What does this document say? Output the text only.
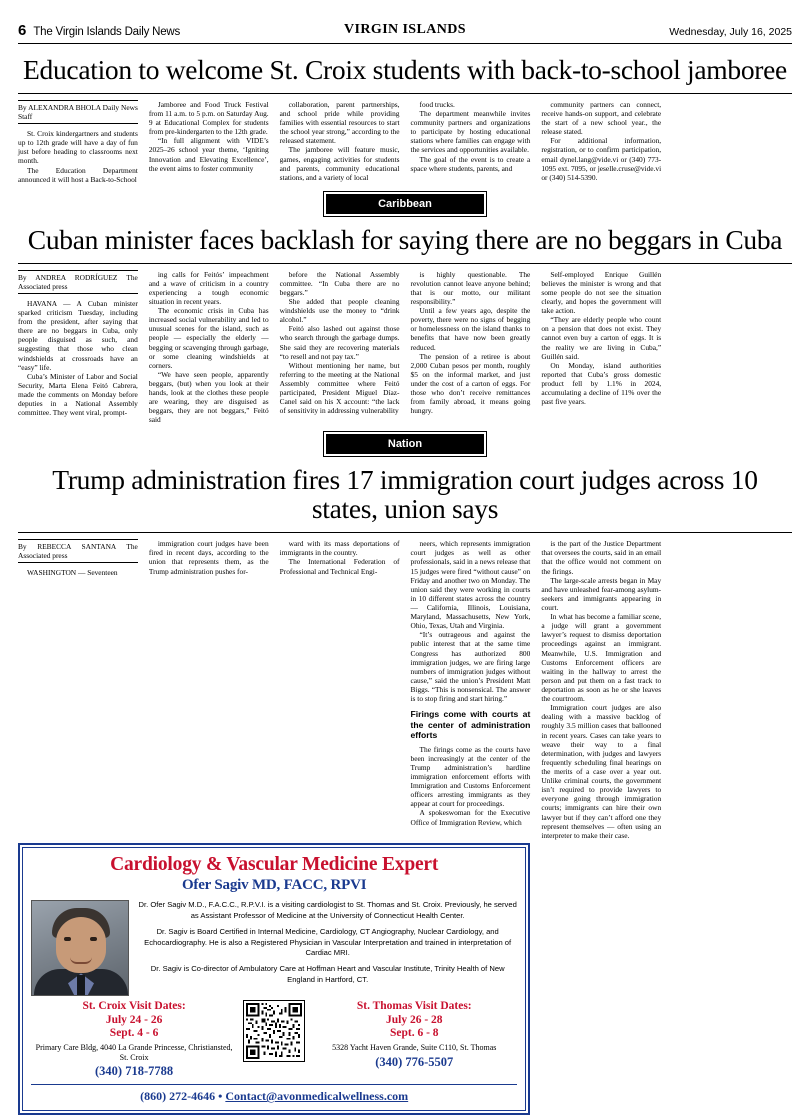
6 The Virgin Islands Daily News	Wednesday, July 16, 2025
VIRGIN ISLANDS
Education to welcome St. Croix students with back-to-school jamboree
By ALEXANDRA BHOLA Daily News Staff

St. Croix kindergartners and students up to 12th grade will have a day of fun just before heading to classrooms next month.

The Education Department announced it will host a Back-to-School

Jamboree and Food Truck Festival from 11 a.m. to 5 p.m. on Saturday Aug. 9 at Educational Complex for students from pre-kindergarten to the 12th grade.

“In full alignment with VIDE’s 2025–26 school year theme, ‘Igniting Innovation and Elevating Excellence’, the event aims to foster community

collaboration, parent partnerships, and school pride while providing families with essential resources to start the school year strong,” according to the released statement.

The jamboree will feature music, games, engaging activities for students and parents, community educational stations, and a variety of local

food trucks.

The department meanwhile invites community partners and organizations to participate by hosting educational stations where families can engage with the services and opportunities available.

The goal of the event is to create a space where students, parents, and

community partners can connect, receive hands-on support, and celebrate the start of a new school year., the release stated.

For additional information, registration, or to confirm participation, email dynel.lang@vide.vi or (340) 773-1095 ext. 7095, or jeselle.cruse@vide.vi or (340) 514-5390.

Caribbean
Cuban minister faces backlash for saying there are no beggars in Cuba
By ANDREA RODRÍGUEZ The Associated press

HAVANA — A Cuban minister sparked criticism Tuesday, including from the president, after saying that there are no beggars in Cuba, only people disguised as such, and suggesting that those who clean windshields at crossroads have an “easy” life.

Cuba’s Minister of Labor and Social Security, Marta Elena Feitó Cabrera, made the comments on Monday before deputies in a National Assembly committee. They went viral, prompt-

ing calls for Feitós’ impeachment and a wave of criticism in a country experiencing a tough economic situation in recent years.

The economic crisis in Cuba has increased social vulnerability and led to unusual scenes for the island, such as people — especially the elderly — begging or scavenging through garbage, or some cleaning windshields at corners.

“We have seen people, apparently beggars, (but) when you look at their hands, look at the clothes these people are wearing, they are disguised as beggars, they are not beggars,” Feitó said

before the National Assembly committee. “In Cuba there are no beggars.”

She added that people cleaning windshields use the money to “drink alcohol.”

Feitó also lashed out against those who search through the garbage dumps. She said they are recovering materials “to resell and not pay tax.”

Without mentioning her name, but referring to the meeting at the National Assembly committee where Feitó participated, President Miguel Díaz-Canel said on his X account: “the lack of sensitivity in addressing vulnerability

is highly questionable. The revolution cannot leave anyone behind; that is our motto, our militant responsibility.”

Until a few years ago, despite the poverty, there were no signs of begging or homelessness on the island thanks to benefits that have now been greatly reduced.

The pension of a retiree is about 2,000 Cuban pesos per month, roughly $5 on the informal market, and just under the cost of a carton of eggs. For those who don’t receive remittances from family abroad, it means going hungry.

Self-employed Enrique Guillén believes the minister is wrong and that some people do not see the situation clearly, and hopes the government will take action.

“They are elderly people who count on a pension that does not exist. They cannot even buy a carton of eggs. It is the reality we are living in Cuba,” Guillén said.

On Monday, island authorities reported that Cuba’s gross domestic product fell by 1.1% in 2024, accumulating a decline of 11% over the past five years.

Nation
Trump administration fires 17 immigration court judges across 10 states, union says
By REBECCA SANTANA The Associated press

WASHINGTON — Seventeen

immigration court judges have been fired in recent days, according to the union that represents them, as the Trump administration pushes for-

ward with its mass deportations of immigrants in the country.

The International Federation of Professional and Technical Engi-

neers, which represents immigration court judges as well as other professionals, said in a news release that 15 judges were fired “without cause” on Friday and another two on Monday. The union said they were working in courts in 10 different states across the country — California, Illinois, Louisiana, Maryland, Massachusetts, New York, Ohio, Texas, Utah and Virginia.

“It’s outrageous and against the public interest that at the same time Congress has authorized 800 immigration judges, we are firing large numbers of immigration judges without cause,” said the union’s President Matt Biggs. “This is nonsensical. The answer is to stop firing and start hiring.”

Firings come with courts at the center of administration efforts

The firings come as the courts have been increasingly at the center of the Trump administration’s hardline immigration enforcement efforts with Immigration and Customs Enforcement officers arresting immigrants as they appear at court for proceedings.

A spokeswoman for the Executive Office of Immigration Review, which

is the part of the Justice Department that oversees the courts, said in an email that the office would not comment on the firings.

The large-scale arrests began in May and have unleashed fear-among asylum-seekers and immigrants appearing in court.

In what has become a familiar scene, a judge will grant a government lawyer’s request to dismiss deportation proceedings against an immigrant. Meanwhile, U.S. Immigration and Customs Enforcement officers are waiting in the hallway to arrest the person and put them on a fast track to deportation as soon as he or she leaves the courtroom.

Immigration court judges are also dealing with a massive backlog of roughly 3.5 million cases that ballooned in recent years. Cases can take years to weave their way to a final determination, with judges and lawyers frequently scheduling final hearings on the merits of a case over a year out. Unlike criminal courts, the government isn’t required to provide lawyers to everyone going through immigration courts; immigrants can hire their own lawyer but if they can’t afford one they represent themselves — often using an interpreter to make their case.

Cardiology & Vascular Medicine Expert
Ofer Sagiv MD, FACC, RPVI

Dr. Ofer Sagiv M.D., F.A.C.C., R.P.V.I. is a visiting cardiologist to St. Thomas and St. Croix. Previously, he served as Assistant Professor of Medicine at the University of Connecticut Health Center.

Dr. Sagiv is Board Certified in Internal Medicine, Cardiology, CT Angiography, Nuclear Cardiology, and Echocardiography. He is also a Registered Physician in Vascular Interpretation and trained in interpretation of Cardiac MRI.

Dr. Sagiv is Co-director of Ambulatory Care at Hoffman Heart and Vascular Institute, Trinity Health of New England in Hartford, CT.

St. Croix Visit Dates:
July 24 - 26
Sept. 4 - 6
Primary Care Bldg, 4040 La Grande Princesse, Christiansted, St. Croix
(340) 718-7788
St. Thomas Visit Dates:
July 26 - 28
Sept. 6 - 8
5328 Yacht Haven Grande, Suite C110, St. Thomas
(340) 776-5507
(860) 272-4646 • Contact@avonmedicalwellness.com
